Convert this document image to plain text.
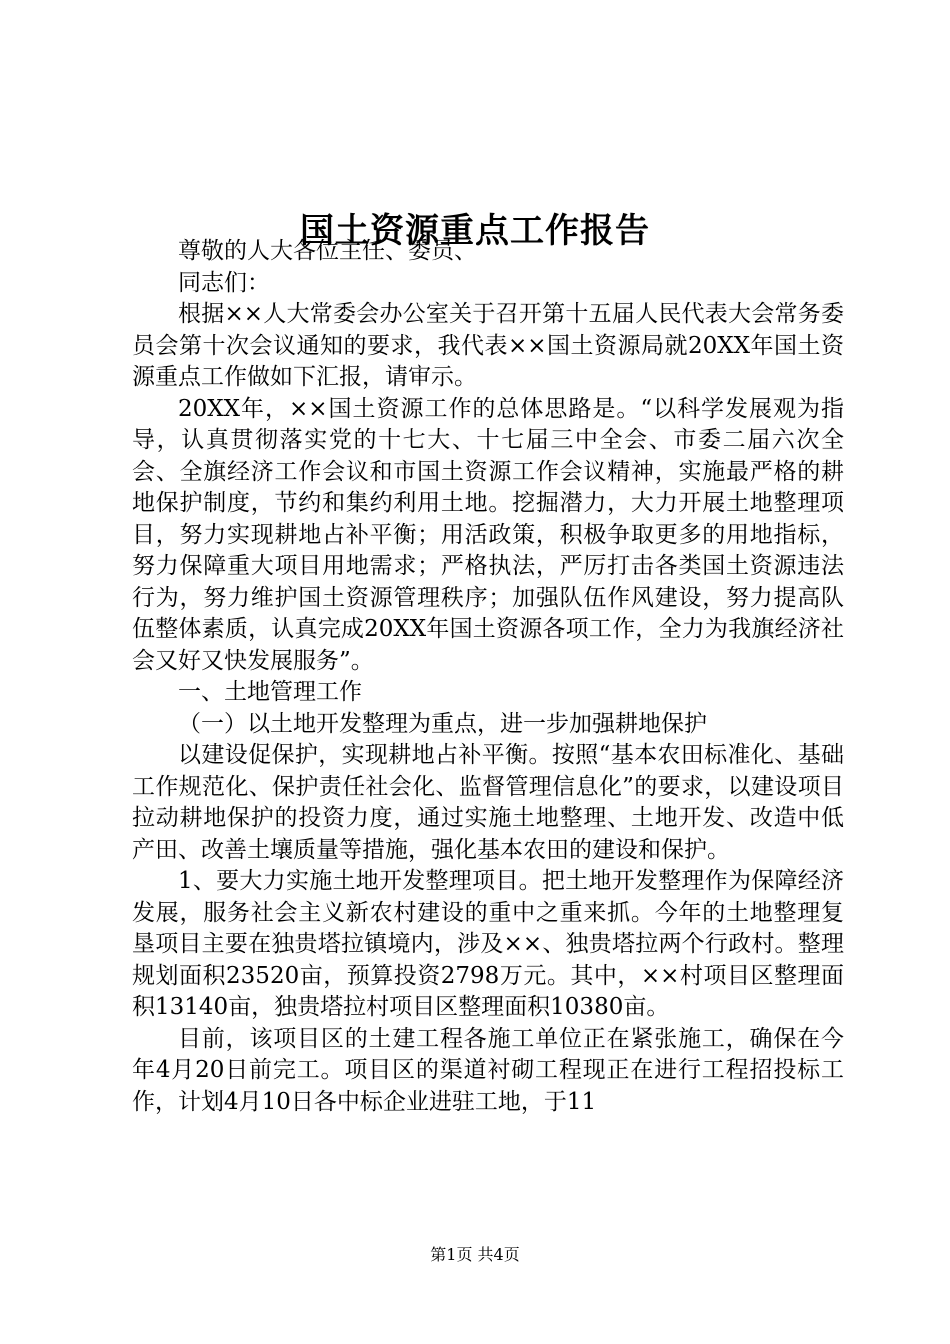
国土资源重点工作报告

尊敬的人大各位主任、委员、

同志们：

根据××人大常委会办公室关于召开第十五届人民代表大会常务委员会第十次会议通知的要求，我代表××国土资源局就20XX年国土资源重点工作做如下汇报，请审示。

20XX年，××国土资源工作的总体思路是。“以科学发展观为指导，认真贯彻落实党的十七大、十七届三中全会、市委二届六次全会、全旗经济工作会议和市国土资源工作会议精神，实施最严格的耕地保护制度，节约和集约利用土地。挖掘潜力，大力开展土地整理项目，努力实现耕地占补平衡；用活政策，积极争取更多的用地指标，努力保障重大项目用地需求；严格执法，严厉打击各类国土资源违法行为，努力维护国土资源管理秩序；加强队伍作风建设，努力提高队伍整体素质，认真完成20XX年国土资源各项工作，全力为我旗经济社会又好又快发展服务”。

一、土地管理工作

（一）以土地开发整理为重点，进一步加强耕地保护

以建设促保护，实现耕地占补平衡。按照“基本农田标准化、基础工作规范化、保护责任社会化、监督管理信息化”的要求，以建设项目拉动耕地保护的投资力度，通过实施土地整理、土地开发、改造中低产田、改善土壤质量等措施，强化基本农田的建设和保护。

1、要大力实施土地开发整理项目。把土地开发整理作为保障经济发展，服务社会主义新农村建设的重中之重来抓。今年的土地整理复垦项目主要在独贵塔拉镇境内，涉及××、独贵塔拉两个行政村。整理规划面积23520亩，预算投资2798万元。其中，××村项目区整理面积13140亩，独贵塔拉村项目区整理面积10380亩。

目前，该项目区的土建工程各施工单位正在紧张施工，确保在今年4月20日前完工。项目区的渠道衬砌工程现正在进行工程招投标工作，计划4月10日各中标企业进驻工地，于11

第1页 共4页
